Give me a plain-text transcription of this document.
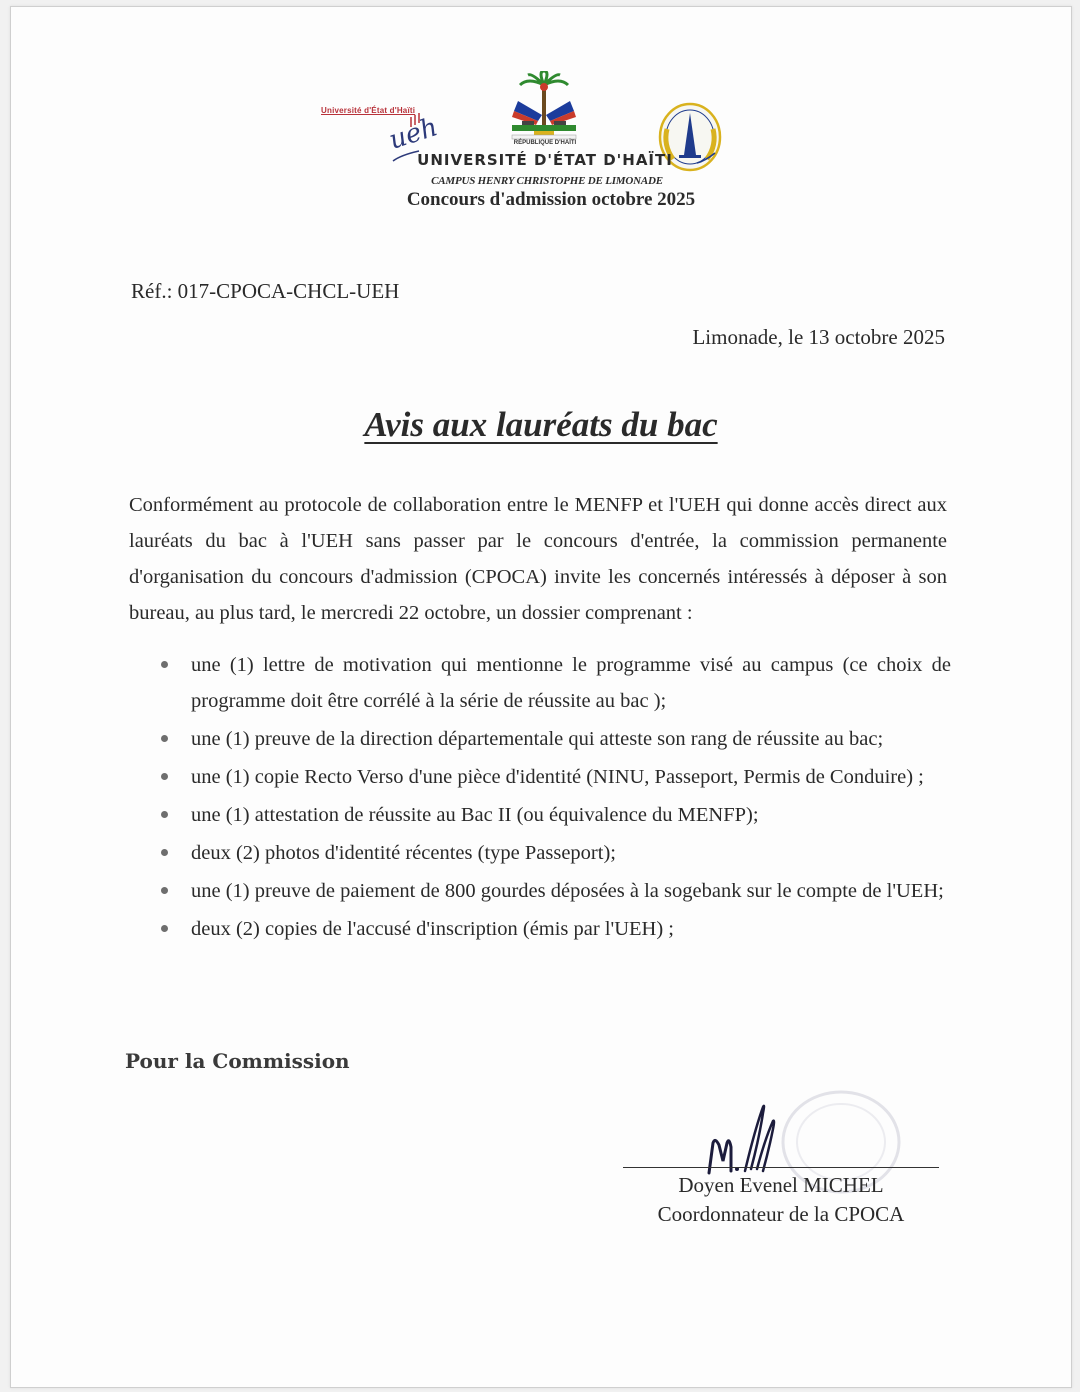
Université d'État d'Haïti
ueh	RÉPUBLIQUE D'HAÏTI
UNIVERSITÉ D'ÉTAT D'HAÏTI
CAMPUS HENRY CHRISTOPHE DE LIMONADE
Concours d'admission octobre 2025
Réf.: 017-CPOCA-CHCL-UEH
Limonade, le 13 octobre 2025
Avis aux lauréats du bac
Conformément au protocole de collaboration entre le MENFP et l'UEH qui donne accès direct aux lauréats du bac à l'UEH sans passer par le concours d'entrée, la commission permanente d'organisation du concours d'admission (CPOCA) invite les concernés intéressés à déposer à son bureau, au plus tard, le mercredi 22 octobre, un dossier comprenant :
une (1) lettre de motivation qui mentionne le programme visé au campus (ce choix de programme doit être corrélé à la série de réussite au bac );
une (1) preuve de la direction départementale qui atteste son rang de réussite au bac;
une (1) copie Recto Verso d'une pièce d'identité (NINU, Passeport, Permis de Conduire) ;
une (1) attestation de réussite au Bac II (ou équivalence du MENFP);
deux (2) photos d'identité récentes (type Passeport);
une (1) preuve de paiement de 800 gourdes déposées à la sogebank sur le compte de l'UEH;
deux (2) copies de l'accusé d'inscription (émis par l'UEH) ;
Pour la Commission
Doyen Evenel MICHEL
Coordonnateur de la CPOCA
